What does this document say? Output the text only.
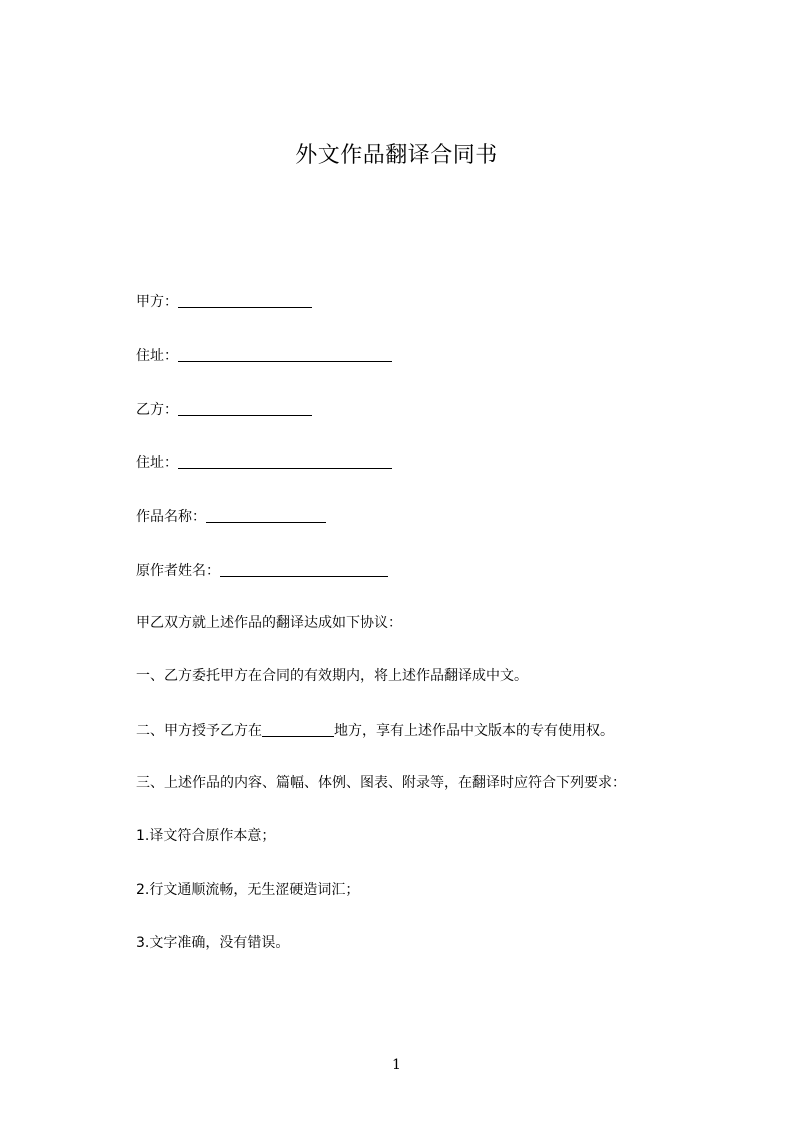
外文作品翻译合同书
甲方：
住址：
乙方：
住址：
作品名称：
原作者姓名：
甲乙双方就上述作品的翻译达成如下协议：
一、乙方委托甲方在合同的有效期内，将上述作品翻译成中文。
二、甲方授予乙方在	地方，享有上述作品中文版本的专有使用权。
三、上述作品的内容、篇幅、体例、图表、附录等，在翻译时应符合下列要求：
1.译文符合原作本意；
2.行文通顺流畅，无生涩硬造词汇；
3.文字准确，没有错误。
1
